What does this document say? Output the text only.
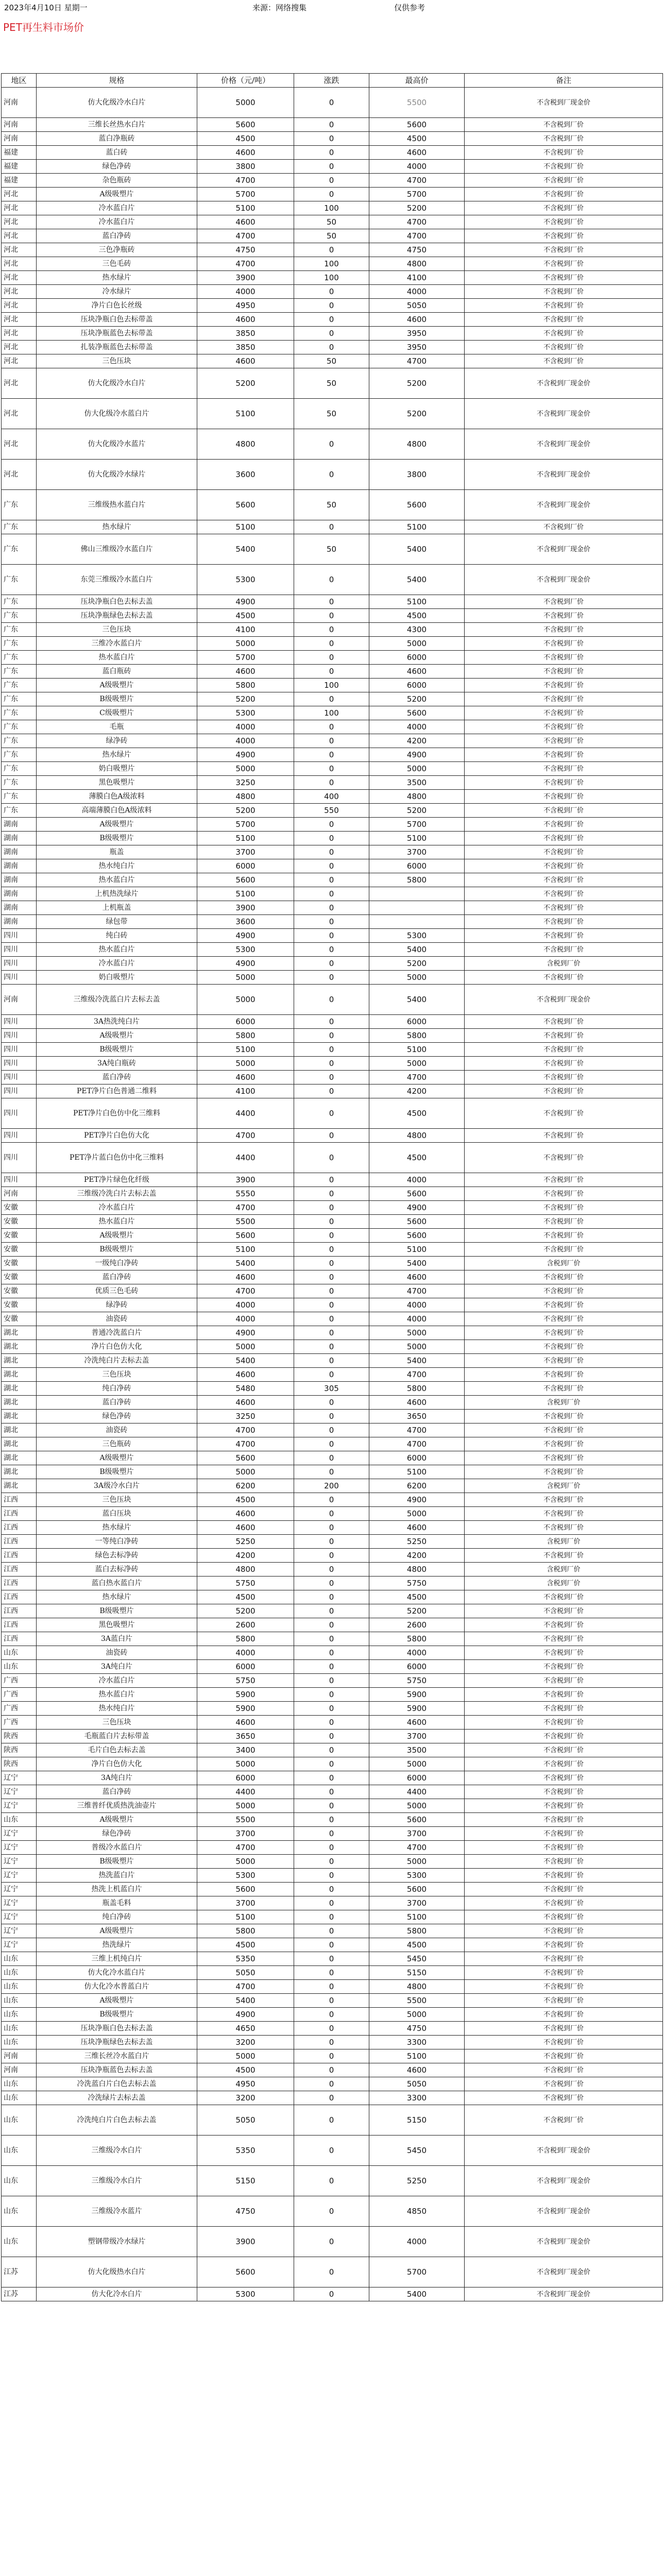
2023年4月10日 星期一	来源：网络搜集	仅供参考
PET再生料市场价
地区	规格	价格（元/吨）	涨跌	最高价	备注
河南	仿大化级冷水白片	5000	0	5500	不含税到厂现金价
河南	三维长丝热水白片	5600	0	5600	不含税到厂价
河南	蓝白净瓶砖	4500	0	4500	不含税到厂价
福建	蓝白砖	4600	0	4600	不含税到厂价
福建	绿色净砖	3800	0	4000	不含税到厂价
福建	杂色瓶砖	4700	0	4700	不含税到厂价
河北	A级吸塑片	5700	0	5700	不含税到厂价
河北	冷水蓝白片	5100	100	5200	不含税到厂价
河北	冷水蓝白片	4600	50	4700	不含税到厂价
河北	蓝白净砖	4700	50	4700	不含税到厂价
河北	三色净瓶砖	4750	0	4750	不含税到厂价
河北	三色毛砖	4700	100	4800	不含税到厂价
河北	热水绿片	3900	100	4100	不含税到厂价
河北	冷水绿片	4000	0	4000	不含税到厂价
河北	净片白色长丝级	4950	0	5050	不含税到厂价
河北	压块净瓶白色去标带盖	4600	0	4600	不含税到厂价
河北	压块净瓶蓝色去标带盖	3850	0	3950	不含税到厂价
河北	扎装净瓶蓝色去标带盖	3850	0	3950	不含税到厂价
河北	三色压块	4600	50	4700	不含税到厂价
河北	仿大化级冷水白片	5200	50	5200	不含税到厂现金价
河北	仿大化级冷水蓝白片	5100	50	5200	不含税到厂现金价
河北	仿大化级冷水蓝片	4800	0	4800	不含税到厂现金价
河北	仿大化级冷水绿片	3600	0	3800	不含税到厂现金价
广东	三维级热水蓝白片	5600	50	5600	不含税到厂现金价
广东	热水绿片	5100	0	5100	不含税到厂价
广东	佛山三维级冷水蓝白片	5400	50	5400	不含税到厂现金价
广东	东莞三维级冷水蓝白片	5300	0	5400	不含税到厂现金价
广东	压块净瓶白色去标去盖	4900	0	5100	不含税到厂价
广东	压块净瓶绿色去标去盖	4500	0	4500	不含税到厂价
广东	三色压块	4100	0	4300	不含税到厂价
广东	三维冷水蓝白片	5000	0	5000	不含税到厂价
广东	热水蓝白片	5700	0	6000	不含税到厂价
广东	蓝白瓶砖	4600	0	4600	不含税到厂价
广东	A级吸塑片	5800	100	6000	不含税到厂价
广东	B级吸塑片	5200	0	5200	不含税到厂价
广东	C级吸塑片	5300	100	5600	不含税到厂价
广东	毛瓶	4000	0	4000	不含税到厂价
广东	绿净砖	4000	0	4200	不含税到厂价
广东	热水绿片	4900	0	4900	不含税到厂价
广东	奶白吸塑片	5000	0	5000	不含税到厂价
广东	黑色吸塑片	3250	0	3500	不含税到厂价
广东	薄膜白色A级浓料	4800	400	4800	不含税到厂价
广东	高端薄膜白色A级浓料	5200	550	5200	不含税到厂价
湖南	A级吸塑片	5700	0	5700	不含税到厂价
湖南	B级吸塑片	5100	0	5100	不含税到厂价
湖南	瓶盖	3700	0	3700	不含税到厂价
湖南	热水纯白片	6000	0	6000	不含税到厂价
湖南	热水蓝白片	5600	0	5800	不含税到厂价
湖南	上机热洗绿片	5100	0		不含税到厂价
湖南	上机瓶盖	3900	0		不含税到厂价
湖南	绿包带	3600	0		不含税到厂价
四川	纯白砖	4900	0	5300	不含税到厂价
四川	热水蓝白片	5300	0	5400	不含税到厂价
四川	冷水蓝白片	4900	0	5200	含税到厂价
四川	奶白吸塑片	5000	0	5000	不含税到厂价
河南	三维级冷洗蓝白片去标去盖	5000	0	5400	不含税到厂现金价
四川	3A热洗纯白片	6000	0	6000	不含税到厂价
四川	A级吸塑片	5800	0	5800	不含税到厂价
四川	B级吸塑片	5100	0	5100	不含税到厂价
四川	3A纯白瓶砖	5000	0	5000	不含税到厂价
四川	蓝白净砖	4600	0	4700	不含税到厂价
四川	PET净片白色普通二维料	4100	0	4200	不含税到厂价
四川	PET净片白色仿中化三维料	4400	0	4500	不含税到厂价
四川	PET净片白色仿大化	4700	0	4800	不含税到厂价
四川	PET净片蓝白色仿中化三维料	4400	0	4500	不含税到厂价
四川	PET净片绿色化纤级	3900	0	4000	不含税到厂价
河南	三维级冷洗白片去标去盖	5550	0	5600	不含税到厂价
安徽	冷水蓝白片	4700	0	4900	不含税到厂价
安徽	热水蓝白片	5500	0	5600	不含税到厂价
安徽	A级吸塑片	5600	0	5600	不含税到厂价
安徽	B级吸塑片	5100	0	5100	不含税到厂价
安徽	一级纯白净砖	5400	0	5400	含税到厂价
安徽	蓝白净砖	4600	0	4600	不含税到厂价
安徽	优质三色毛砖	4700	0	4700	不含税到厂价
安徽	绿净砖	4000	0	4000	不含税到厂价
安徽	油瓷砖	4000	0	4000	不含税到厂价
湖北	普通冷洗蓝白片	4900	0	5000	不含税到厂价
湖北	净片白色仿大化	5000	0	5000	不含税到厂价
湖北	冷洗纯白片去标去盖	5400	0	5400	不含税到厂价
湖北	三色压块	4600	0	4700	不含税到厂价
湖北	纯白净砖	5480	305	5800	不含税到厂价
湖北	蓝白净砖	4600	0	4600	含税到厂价
湖北	绿色净砖	3250	0	3650	不含税到厂价
湖北	油瓷砖	4700	0	4700	不含税到厂价
湖北	三色瓶砖	4700	0	4700	不含税到厂价
湖北	A级吸塑片	5600	0	6000	不含税到厂价
湖北	B级吸塑片	5000	0	5100	不含税到厂价
湖北	3A级冷水白片	6200	200	6200	含税到厂价
江西	三色压块	4500	0	4900	不含税到厂价
江西	蓝白压块	4600	0	5000	不含税到厂价
江西	热水绿片	4600	0	4600	不含税到厂价
江西	一等纯白净砖	5250	0	5250	含税到厂价
江西	绿色去标净砖	4200	0	4200	不含税到厂价
江西	蓝白去标净砖	4800	0	4800	含税到厂价
江西	蓝白热水蓝白片	5750	0	5750	含税到厂价
江西	热水绿片	4500	0	4500	不含税到厂价
江西	B级吸塑片	5200	0	5200	不含税到厂价
江西	黑色吸塑片	2600	0	2600	不含税到厂价
江西	3A蓝白片	5800	0	5800	不含税到厂价
山东	油瓷砖	4000	0	4000	不含税到厂价
山东	3A纯白片	6000	0	6000	不含税到厂价
广西	冷水蓝白片	5750	0	5750	不含税到厂价
广西	热水蓝白片	5900	0	5900	不含税到厂价
广西	热水纯白片	5900	0	5900	不含税到厂价
广西	三色压块	4600	0	4600	不含税到厂价
陕西	毛瓶蓝白片去标带盖	3650	0	3700	不含税到厂价
陕西	毛片白色去标去盖	3400	0	3500	不含税到厂价
陕西	净片白色仿大化	5000	0	5000	不含税到厂价
辽宁	3A纯白片	6000	0	6000	不含税到厂价
辽宁	蓝白净砖	4400	0	4400	不含税到厂价
辽宁	三维普纤优质热洗油壶片	5000	0	5000	不含税到厂价
山东	A级吸塑片	5500	0	5600	不含税到厂价
辽宁	绿色净砖	3700	0	3700	不含税到厂价
辽宁	普级冷水蓝白片	4700	0	4700	不含税到厂价
辽宁	B级吸塑片	5000	0	5000	不含税到厂价
辽宁	热洗蓝白片	5300	0	5300	不含税到厂价
辽宁	热洗上机蓝白片	5600	0	5600	不含税到厂价
辽宁	瓶盖毛料	3700	0	3700	不含税到厂价
辽宁	纯白净砖	5100	0	5100	不含税到厂价
辽宁	A级吸塑片	5800	0	5800	不含税到厂价
辽宁	热洗绿片	4500	0	4500	不含税到厂价
山东	三维上机纯白片	5350	0	5450	不含税到厂价
山东	仿大化冷水蓝白片	5050	0	5150	不含税到厂价
山东	仿大化冷水普蓝白片	4700	0	4800	不含税到厂价
山东	A级吸塑片	5400	0	5500	不含税到厂价
山东	B级吸塑片	4900	0	5000	不含税到厂价
山东	压块净瓶白色去标去盖	4650	0	4750	不含税到厂价
山东	压块净瓶绿色去标去盖	3200	0	3300	不含税到厂价
河南	三维长丝冷水蓝白片	5000	0	5100	不含税到厂价
河南	压块净瓶蓝色去标去盖	4500	0	4600	不含税到厂价
山东	冷洗蓝白片白色去标去盖	4950	0	5050	不含税到厂价
山东	冷洗绿片去标去盖	3200	0	3300	不含税到厂价
山东	冷洗纯白片白色去标去盖	5050	0	5150	不含税到厂价
山东	三维级冷水白片	5350	0	5450	不含税到厂现金价
山东	三维级冷水白片	5150	0	5250	不含税到厂现金价
山东	三维级冷水蓝片	4750	0	4850	不含税到厂现金价
山东	塑钢带级冷水绿片	3900	0	4000	不含税到厂现金价
江苏	仿大化级热水白片	5600	0	5700	不含税到厂现金价
江苏	仿大化冷水白片	5300	0	5400	不含税到厂现金价
